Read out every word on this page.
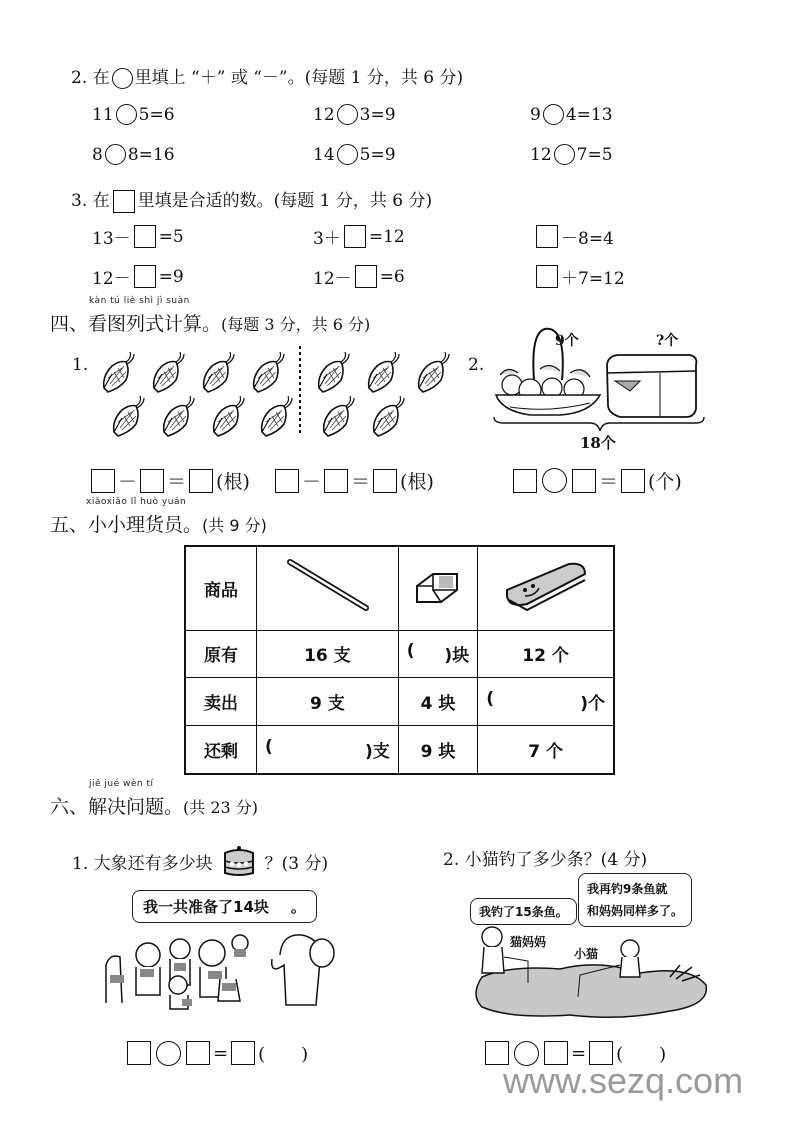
2. 在 里填上 “＋” 或 “－”。(每题 1 分，共 6 分)
11 5=6	12 3=9	9 4=13
8 8=16	14 5=9	12 7=5
3. 在 里填是合适的数。(每题 1 分，共 6 分)
13－ =5	3＋ =12	－8=4
12－ =9	12－ =6	＋7=12
kàn tú liè shì jì suàn
四、看图列式计算。(每题 3 分，共 6 分)
1.
－ ＝ (根)	－ ＝ (根)
2.
9个	?个
18个
＝ (个)
xiǎoxiǎo lǐ huò yuán
五、小小理货员。(共 9 分)
商品			
原有	16 支	( )块	12 个
卖出	9 支	4 块	( )个

还剩	( )支	9 块	7 个
jiě jué wèn tí
六、解决问题。(共 23 分)
1. 大象还有多少块	？(3 分)	2. 小猫钓了多少条？(4 分)
我一共准备了14块 。	我钓了15条鱼。
我再钓9条鱼就
和妈妈同样多了。
猫妈妈
小猫
= (　　)	= (　　)
www.sezq.com
